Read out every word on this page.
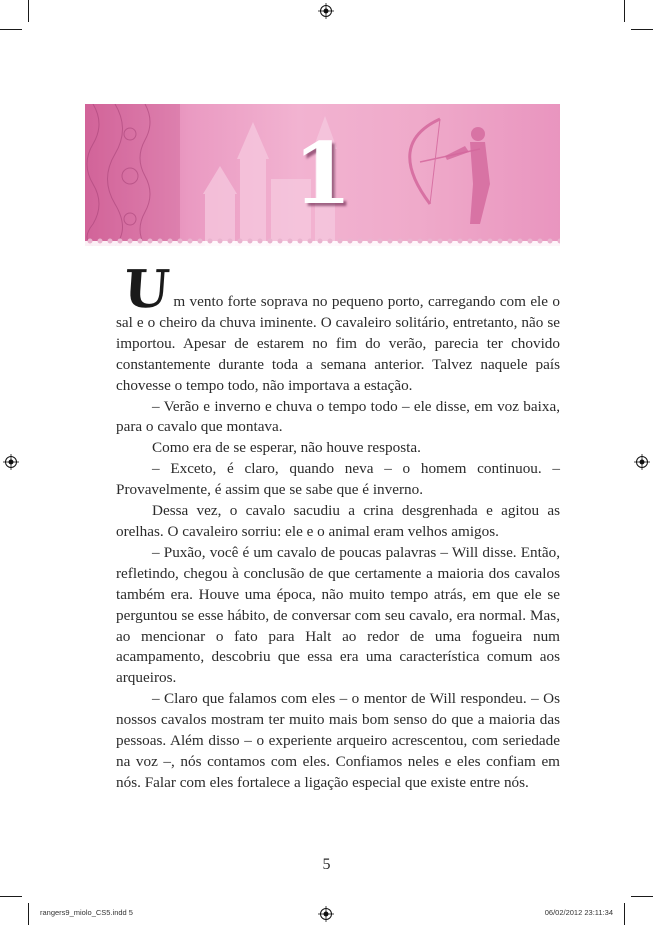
1

Um vento forte soprava no pequeno porto, carregando com ele o sal e o cheiro da chuva iminente. O cavaleiro solitário, entretanto, não se importou. Apesar de estarem no fim do verão, parecia ter chovido constantemente durante toda a semana anterior. Talvez naquele país chovesse o tempo todo, não importava a estação.

– Verão e inverno e chuva o tempo todo – ele disse, em voz baixa, para o cavalo que montava.

Como era de se esperar, não houve resposta.

– Exceto, é claro, quando neva – o homem continuou. – Provavelmente, é assim que se sabe que é inverno.

Dessa vez, o cavalo sacudiu a crina desgrenhada e agitou as orelhas. O cavaleiro sorriu: ele e o animal eram velhos amigos.

– Puxão, você é um cavalo de poucas palavras – Will disse. Então, refletindo, chegou à conclusão de que certamente a maioria dos cavalos também era. Houve uma época, não muito tempo atrás, em que ele se perguntou se esse hábito, de conversar com seu cavalo, era normal. Mas, ao mencionar o fato para Halt ao redor de uma fogueira num acampamento, descobriu que essa era uma característica comum aos arqueiros.

– Claro que falamos com eles – o mentor de Will respondeu. – Os nossos cavalos mostram ter muito mais bom senso do que a maioria das pessoas. Além disso – o experiente arqueiro acrescentou, com seriedade na voz –, nós contamos com eles. Confiamos neles e eles confiam em nós. Falar com eles fortalece a ligação especial que existe entre nós.

5
rangers9_miolo_CS5.indd 5	06/02/2012 23:11:34
